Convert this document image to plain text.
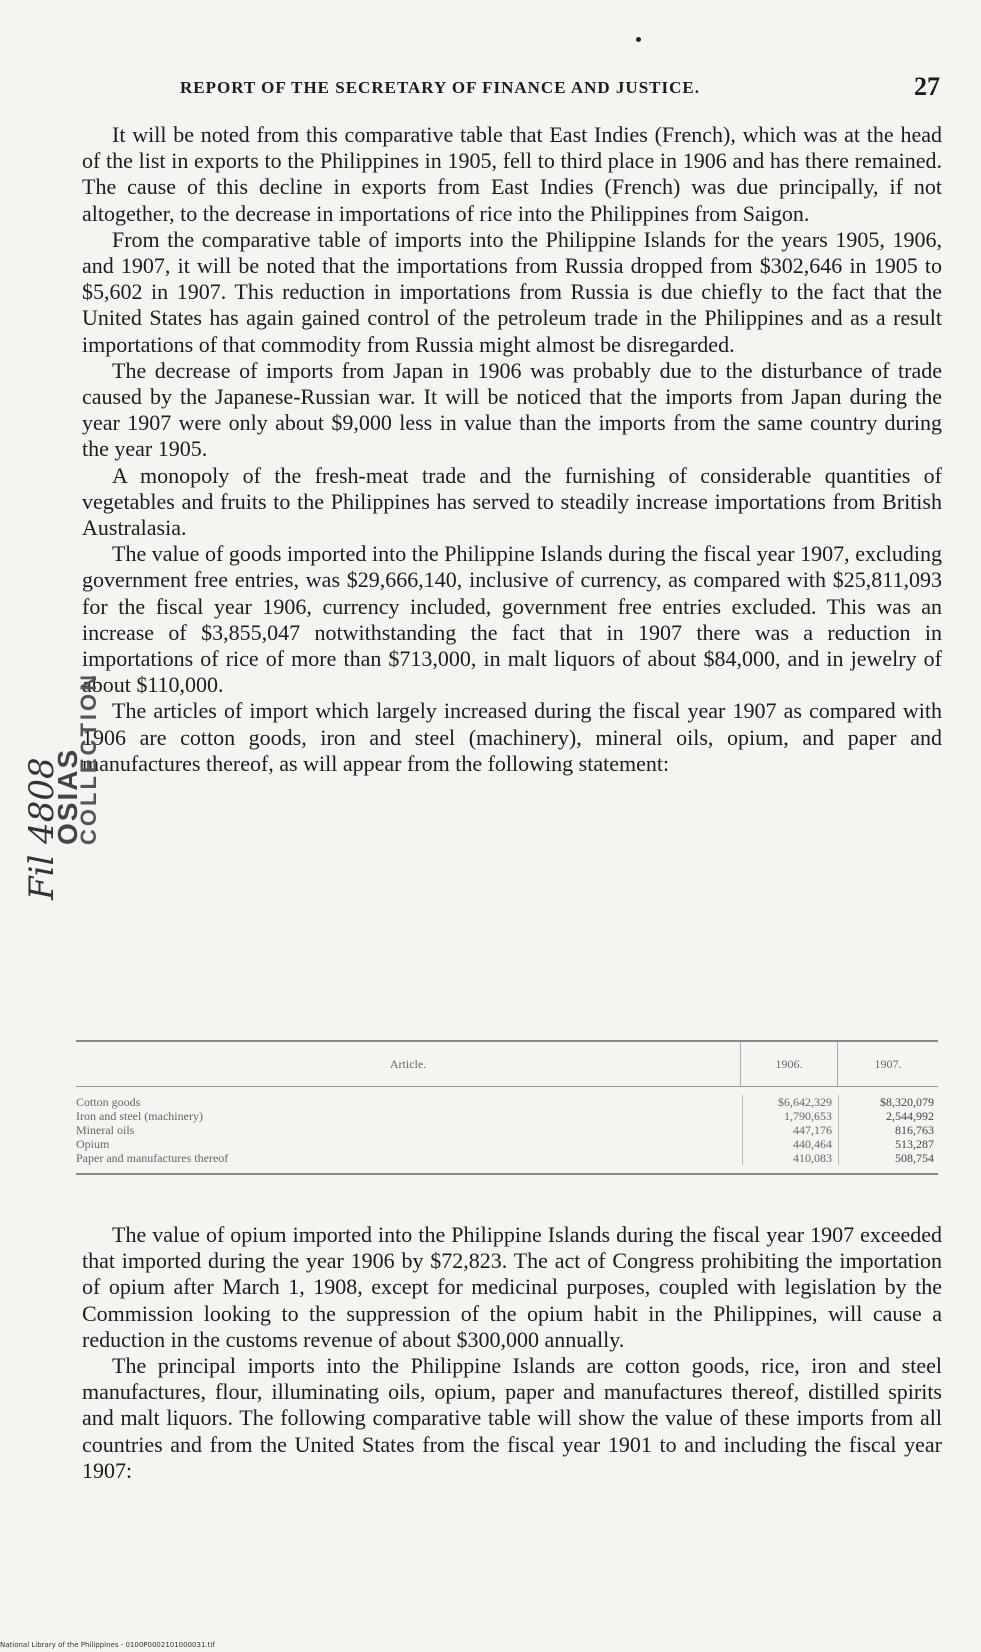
REPORT OF THE SECRETARY OF FINANCE AND JUSTICE.	27

It will be noted from this comparative table that East Indies (French), which was at the head of the list in exports to the Philippines in 1905, fell to third place in 1906 and has there remained. The cause of this decline in exports from East Indies (French) was due principally, if not altogether, to the decrease in importations of rice into the Philippines from Saigon.

From the comparative table of imports into the Philippine Islands for the years 1905, 1906, and 1907, it will be noted that the importations from Russia dropped from $302,646 in 1905 to $5,602 in 1907. This reduction in importations from Russia is due chiefly to the fact that the United States has again gained control of the petroleum trade in the Philippines and as a result importations of that commodity from Russia might almost be disregarded.

The decrease of imports from Japan in 1906 was probably due to the disturbance of trade caused by the Japanese-Russian war. It will be noticed that the imports from Japan during the year 1907 were only about $9,000 less in value than the imports from the same country during the year 1905.

A monopoly of the fresh-meat trade and the furnishing of considerable quantities of vegetables and fruits to the Philippines has served to steadily increase importations from British Australasia.

The value of goods imported into the Philippine Islands during the fiscal year 1907, excluding government free entries, was $29,666,140, inclusive of currency, as compared with $25,811,093 for the fiscal year 1906, currency included, government free entries excluded. This was an increase of $3,855,047 notwithstanding the fact that in 1907 there was a reduction in importations of rice of more than $713,000, in malt liquors of about $84,000, and in jewelry of about $110,000.

The articles of import which largely increased during the fiscal year 1907 as compared with 1906 are cotton goods, iron and steel (machinery), mineral oils, opium, and paper and manufactures thereof, as will appear from the following statement:

Article.	1906.	1907.
Cotton goods	$6,642,329	$8,320,079
Iron and steel (machinery)	1,790,653	2,544,992
Mineral oils	447,176	816,763
Opium	440,464	513,287
Paper and manufactures thereof	410,083	508,754

The value of opium imported into the Philippine Islands during the fiscal year 1907 exceeded that imported during the year 1906 by $72,823. The act of Congress prohibiting the importation of opium after March 1, 1908, except for medicinal purposes, coupled with legislation by the Commission looking to the suppression of the opium habit in the Philippines, will cause a reduction in the customs revenue of about $300,000 annually.

The principal imports into the Philippine Islands are cotton goods, rice, iron and steel manufactures, flour, illuminating oils, opium, paper and manufactures thereof, distilled spirits and malt liquors. The following comparative table will show the value of these imports from all countries and from the United States from the fiscal year 1901 to and including the fiscal year 1907:

Fil 4808
OSIAS
COLLECTION
National Library of the Philippines - 0100P0002101000031.tif
